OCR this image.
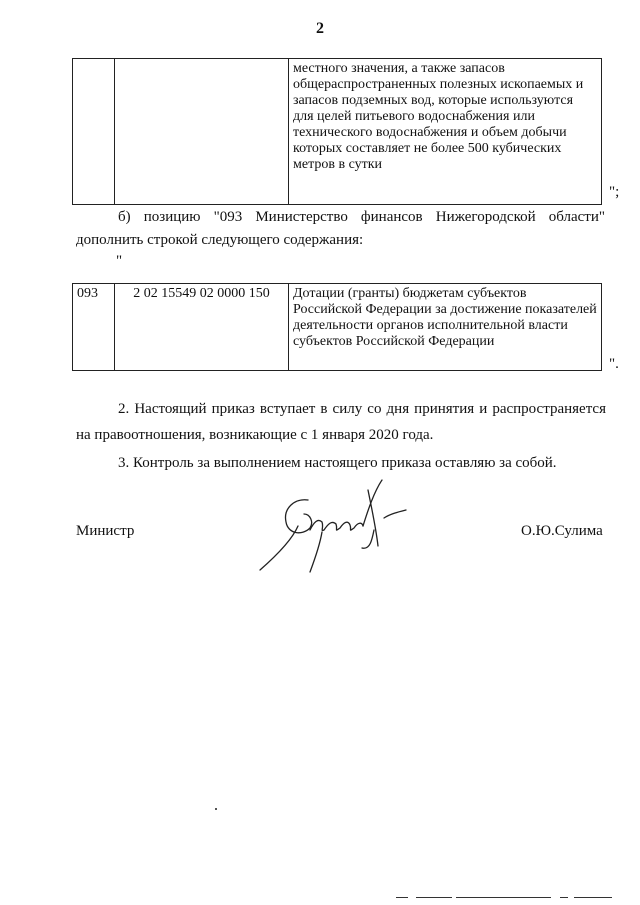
2
		местного значения, а также запасов общераспространенных полезных ископаемых и запасов подземных вод, которые используются для целей питьевого водоснабжения или технического водоснабжения и объем добычи которых составляет не более 500 кубических метров в сутки
";
б) позицию "093 Министерство финансов Нижегородской области"
дополнить строкой следующего содержания:
"
093	2 02 15549 02 0000 150	Дотации (гранты) бюджетам субъектов Российской Федерации за достижение показателей деятельности органов исполнительной власти субъектов Российской Федерации
".
2. Настоящий приказ вступает в силу со дня принятия и распространяется
на правоотношения, возникающие с 1 января 2020 года.
3. Контроль за выполнением настоящего приказа оставляю за собой.
Министр	О.Ю.Сулима
